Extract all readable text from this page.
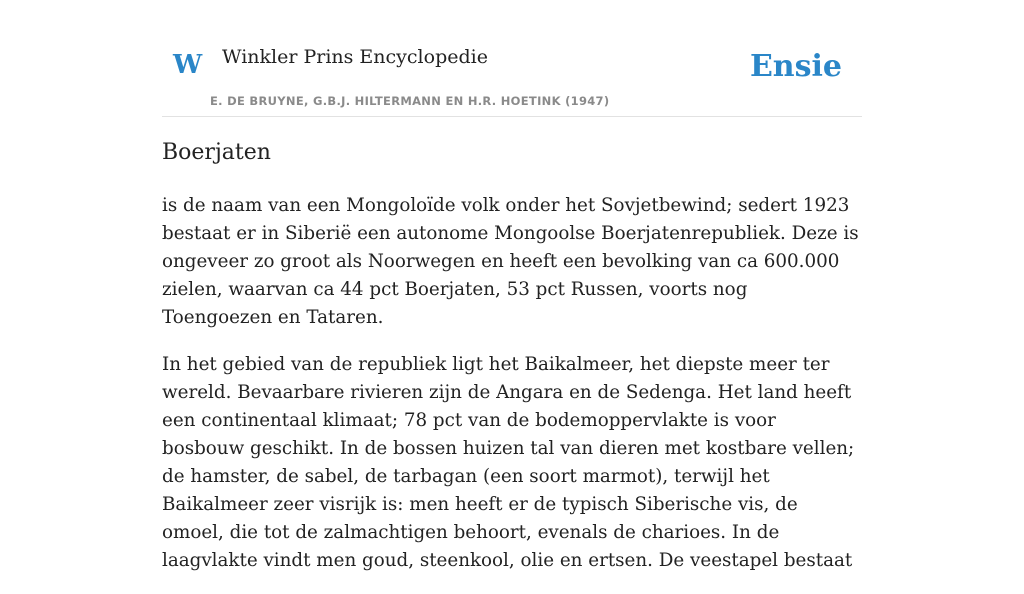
W Winkler Prins Encyclopedie
E. DE BRUYNE, G.B.J. HILTERMANN EN H.R. HOETINK (1947)
Ensie
Boerjaten

is de naam van een Mongoloïde volk onder het Sovjetbewind; sedert 1923 bestaat er in Siberië een autonome Mongoolse Boerjatenrepubliek. Deze is ongeveer zo groot als Noorwegen en heeft een bevolking van ca 600.000 zielen, waarvan ca 44 pct Boerjaten, 53 pct Russen, voorts nog Toengoezen en Tataren.

In het gebied van de republiek ligt het Baikalmeer, het diepste meer ter wereld. Bevaarbare rivieren zijn de Angara en de Sedenga. Het land heeft een continentaal klimaat; 78 pct van de bodemoppervlakte is voor bosbouw geschikt. In de bossen huizen tal van dieren met kostbare vellen; de hamster, de sabel, de tarbagan (een soort marmot), terwijl het Baikalmeer zeer visrijk is: men heeft er de typisch Siberische vis, de omoel, die tot de zalmachtigen behoort, evenals de charioes. In de laagvlakte vindt men goud, steenkool, olie en ertsen. De veestapel bestaat
